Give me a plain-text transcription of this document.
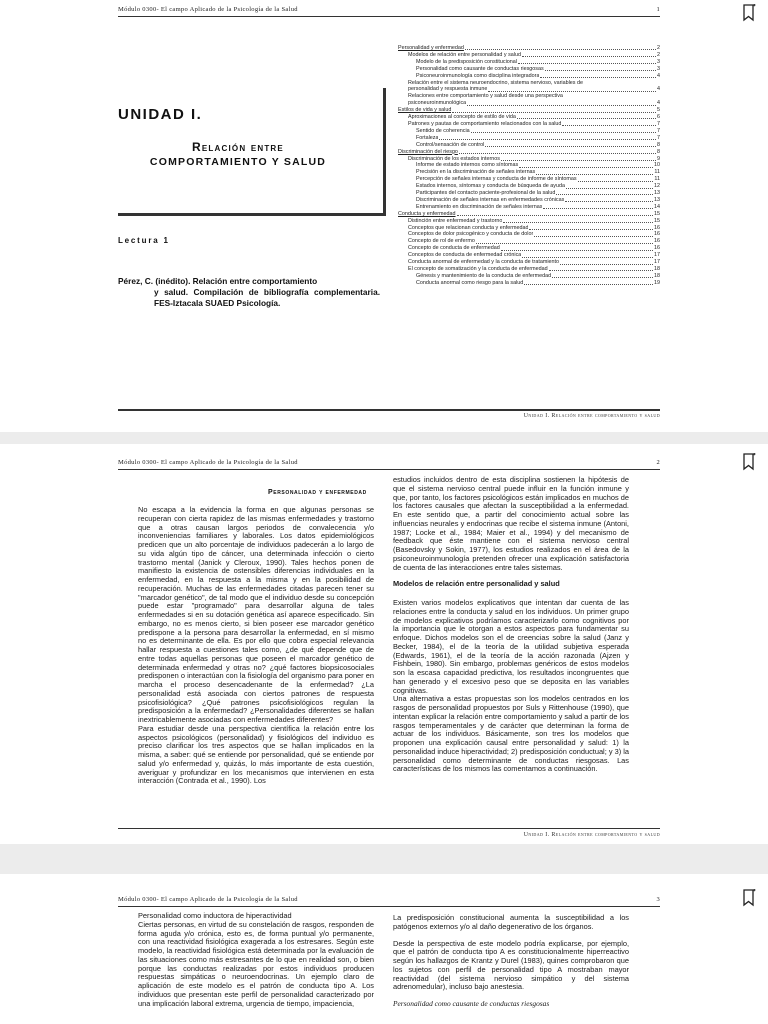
Módulo 0300- El campo Aplicado de la Psicología de la Salud	1
UNIDAD I.
Relación entre
COMPORTAMIENTO Y SALUD
Lectura 1
Pérez, C. (inédito). Relación entre comportamiento
y salud. Compilación de bibliografía complementaria. FES-Iztacala SUAED Psicología.
Personalidad y enfermedad	2
Modelos de relación entre personalidad y salud	2
Modelo de la predisposición constitucional	3
Personalidad como causante de conductas riesgosas	3
Psiconeuroinmunología como disciplina integradora	4
Relación entre el sistema neuroendocrino, sistema nervioso, variables de
personalidad y respuesta inmune	4
Relaciones entre comportamiento y salud desde una perspectiva
psiconeuroinmunológica	4
Estilos de vida y salud	5
Aproximaciones al concepto de estilo de vida	6
Patrones y pautas de comportamiento relacionados con la salud	7
Sentido de coherencia	7
Fortaleza	7
Control/sensación de control	8
Discriminación del riesgo	8
Discriminación de los estados internos	9
Informe de estado internos como síntomas	10
Precisión en la discriminación de señales internas	11
Percepción de señales internas y conducta de informe de síntomas	11
Estados internos, síntomas y conducta de búsqueda de ayuda	12
Participantes del contacto paciente-profesional de la salud	13
Discriminación de señales internas en enfermedades crónicas	13
Entrenamiento en discriminación de señales internas	14
Conducta y enfermedad	15
Distinción entre enfermedad y trastorno	15
Conceptos que relacionan conducta y enfermedad	16
Conceptos de dolor psicogénico y conducta de dolor	16
Concepto de rol de enfermo	16
Concepto de conducta de enfermedad	16
Conceptos de conducta de enfermedad crónica	17
Conducta anormal de enfermedad y la conducta de tratamiento	17
El concepto de somatización y la conducta de enfermedad	18
Génesis y mantenimiento de la conducta de enfermedad	18
Conducta anormal como riesgo para la salud	19
Unidad I. Relación entre comportamiento y salud
Módulo 0300- El campo Aplicado de la Psicología de la Salud	2
Personalidad y enfermedad

No escapa a la evidencia la forma en que algunas personas se recuperan con cierta rapidez de las mismas enfermedades y trastorno que a otras causan largos periodos de convalecencia y/o inconveniencias familiares y laborales. Los datos epidemiológicos predicen que un alto porcentaje de individuos padecerán a lo largo de su vida algún tipo de cáncer, una determinada infección o cierto trastorno mental (Janick y Cleroux, 1990). Tales hechos ponen de manifiesto la existencia de ostensibles diferencias individuales en la enfermedad, en la respuesta a la misma y en la posibilidad de recuperación. Muchas de las enfermedades citadas parecen tener su "marcador genético", de tal modo que el individuo desde su concepción puede estar "programado" para desarrollar alguna de tales enfermedades si en su dotación genética así aparece especificado. Sin embargo, no es menos cierto, si bien poseer ese marcador genético predispone a la persona para desarrollar la enfermedad, en sí mismo no es determinante de ella. Es por ello que cobra especial relevancia hallar respuesta a cuestiones tales como, ¿de qué depende que de entre todas aquellas personas que poseen el marcador genético de determinada enfermedad y otras no? ¿qué factores biopsicosociales predisponen o interactúan con la fisiología del organismo para poner en marcha el proceso desencadenante de la enfermedad? ¿La personalidad está asociada con ciertos patrones de respuesta psicofisiológica? ¿Qué patrones psicofisiológicos regulan la predisposición a la enfermedad? ¿Personalidades diferentes se hallan inextricablemente asociadas con enfermedades diferentes?

Para estudiar desde una perspectiva científica la relación entre los aspectos psicológicos (personalidad) y fisiológicos del individuo es preciso clarificar los tres aspectos que se hallan implicados en la misma, a saber: qué se entiende por personalidad, qué se entiende por salud y/o enfermedad y, quizás, lo más importante de esta cuestión, averiguar y profundizar en los mecanismos que intervienen en esta interacción (Contrada et al., 1990). Los

estudios incluidos dentro de esta disciplina sostienen la hipótesis de que el sistema nervioso central puede influir en la función inmune y que, por tanto, los factores psicológicos están implicados en muchos de los factores causales que afectan la susceptibilidad a la enfermedad. En este sentido que, a partir del conocimiento actual sobre las influencias neurales y endocrinas que recibe el sistema inmune (Antoni, 1987; Locke et al., 1984; Maier et al., 1994) y del mecanismo de feedback que éste mantiene con el sistema nervioso central (Basedovsky y Sokin, 1977), los estudios realizados en el área de la psiconeuroinmunología pretenden ofrecer una explicación satisfactoria de cuenta de las interacciones entre tales sistemas.

Modelos de relación entre personalidad y salud

Existen varios modelos explicativos que intentan dar cuenta de las relaciones entre la conducta y salud en los individuos. Un primer grupo de modelos explicativos podríamos caracterizarlo como cognitivos por la importancia que le otorgan a estos aspectos para fundamentar su enfoque. Dichos modelos son el de creencias sobre la salud (Janz y Becker, 1984), el de la teoría de la utilidad subjetiva esperada (Edwards, 1961), el de la teoría de la acción razonada (Ajzen y Fishbein, 1980). Sin embargo, problemas genéricos de estos modelos son la escasa capacidad predictiva, los resultados incongruentes que han generado y el excesivo peso que se deposita en las variables cognitivas.

Una alternativa a estas propuestas son los modelos centrados en los rasgos de personalidad propuestos por Suls y Rittenhouse (1990), que intentan explicar la relación entre comportamiento y salud a partir de los rasgos temperamentales y de carácter que determinan la forma de actuar de los individuos. Básicamente, son tres los modelos que proponen una explicación causal entre personalidad y salud: 1) la personalidad induce hiperactividad; 2) predisposición conductual; y 3) la personalidad como determinante de conductas riesgosas. Las características de los mismos las comentamos a continuación.

Unidad I. Relación entre comportamiento y salud
Módulo 0300- El campo Aplicado de la Psicología de la Salud	3

Personalidad como inductora de hiperactividad

Ciertas personas, en virtud de su constelación de rasgos, responden de forma aguda y/o crónica, esto es, de forma puntual y/o permanente, con una reactividad fisiológica exagerada a los estresares. Según este modelo, la reactividad fisiológica está determinada por la evaluación de las situaciones como más estresantes de lo que en realidad son, o bien porque las conductas realizadas por estos individuos producen respuestas simpáticas o neuroendocrinas. Un ejemplo claro de aplicación de este modelo es el patrón de conducta tipo A. Los individuos que presentan este perfil de personalidad caracterizado por una implicación laboral extrema, urgencia de tiempo, impaciencia,

La predisposición constitucional aumenta la susceptibilidad a los patógenos externos y/o al daño degenerativo de los órganos.

Desde la perspectiva de este modelo podría explicarse, por ejemplo, que el patrón de conducta tipo A es constitucionalmente hiperreactivo según los hallazgos de Krantz y Durel (1983), quines comprobaron que los sujetos con perfil de personalidad tipo A mostraban mayor reactividad (del sistema nervioso simpático y del sistema adrenomedular), incluso bajo anestesia.

Personalidad como causante de conductas riesgosas
